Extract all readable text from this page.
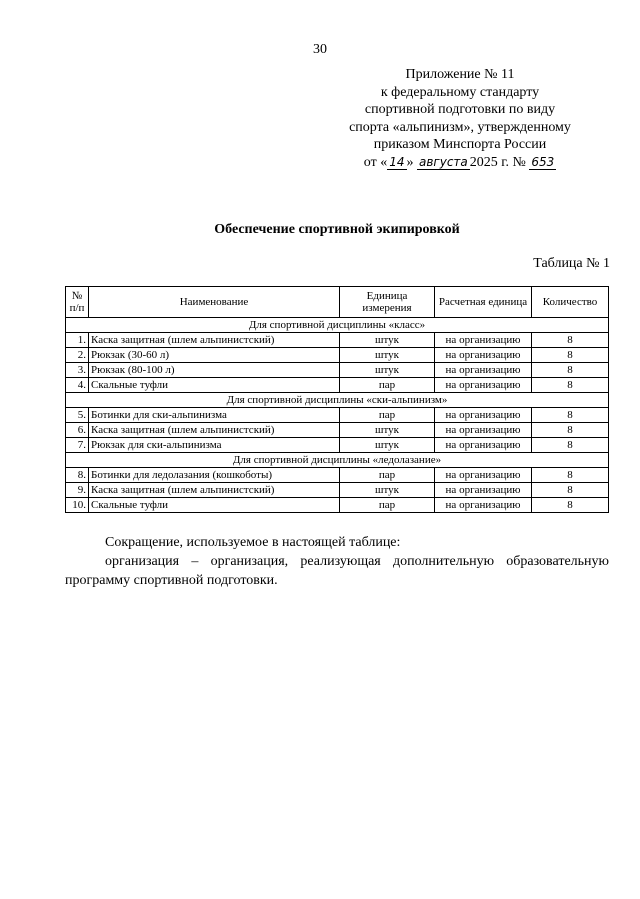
30
Приложение № 11
к федеральному стандарту
спортивной подготовки по виду
спорта «альпинизм», утвержденному
приказом Минспорта России
от « 14 » августа 2025 г. № 653
Обеспечение спортивной экипировкой
Таблица № 1
№ п/п	Наименование	Единица измерения	Расчетная единица	Количество
Для спортивной дисциплины «класс»				
1.	Каска защитная (шлем альпинистский)	штук	на организацию	8
2.	Рюкзак (30-60 л)	штук	на организацию	8
3.	Рюкзак (80-100 л)	штук	на организацию	8
4.	Скальные туфли	пар	на организацию	8
Для спортивной дисциплины «ски-альпинизм»				
5.	Ботинки для ски-альпинизма	пар	на организацию	8
6.	Каска защитная (шлем альпинистский)	штук	на организацию	8
7.	Рюкзак для ски-альпинизма	штук	на организацию	8
Для спортивной дисциплины «ледолазание»				
8.	Ботинки для ледолазания (кошкоботы)	пар	на организацию	8
9.	Каска защитная (шлем альпинистский)	штук	на организацию	8
10.	Скальные туфли	пар	на организацию	8

Сокращение, используемое в настоящей таблице:

организация – организация, реализующая дополнительную образовательную программу спортивной подготовки.
